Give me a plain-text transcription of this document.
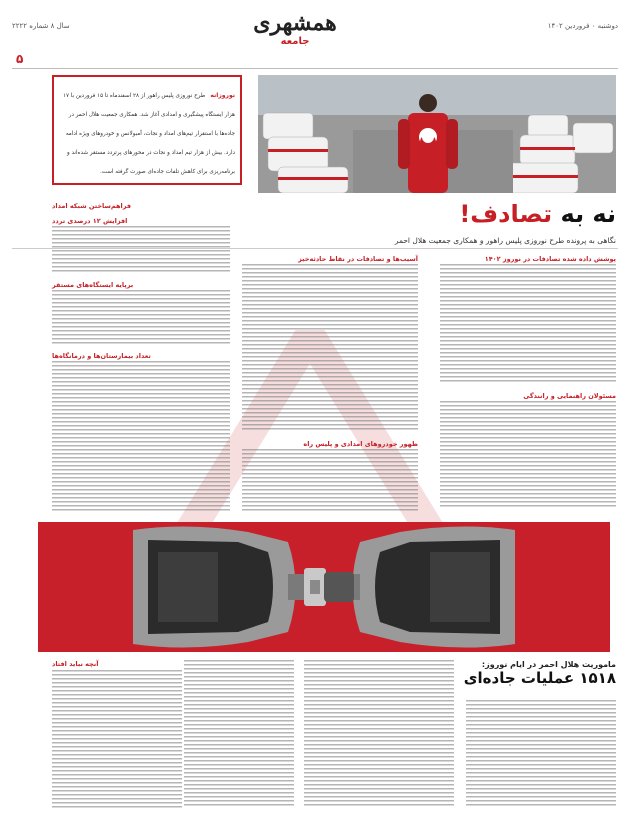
دوشنبه ۰ فروردین ۱۴۰۲
سال ۸ شماره ۲۲۲۲	همشهری
جامعه
۵
نوروزانه طرح نوروزی پلیس راهور از ۲۸ اسفندماه تا ۱۵ فروردین با ۱۷ هزار ایستگاه پیشگیری و امدادی آغاز شد. همکاری جمعیت هلال احمر در جاده‌ها با استقرار تیم‌های امداد و نجات، آمبولانس و خودروهای ویژه ادامه دارد. بیش از هزار تیم امداد و نجات در محورهای پرتردد مستقر شده‌اند و برنامه‌ریزی برای کاهش تلفات جاده‌ای صورت گرفته است.
نه به تصادف!
نگاهی به پرونده طرح نوروزی پلیس راهور و همکاری جمعیت هلال احمر
پوشش داده شده تصادفات در نوروز ۱۴۰۲
مسئولان راهنمایی و رانندگی
آسیب‌ها و تصادفات در نقاط حادثه‌خیز
ظهور خودروهای امدادی و پلیس راه
فراهم‌ساختن شبکه امداد
افزایش ۱۲ درصدی تردد
برپایه ایستگاه‌های مستقر
تعداد بیمارستان‌ها و درمانگاه‌ها
ماموریت هلال احمر در ایام نوروز:
۱۵۱۸ عملیات جاده‌ای
آنچه نباید افتاد
